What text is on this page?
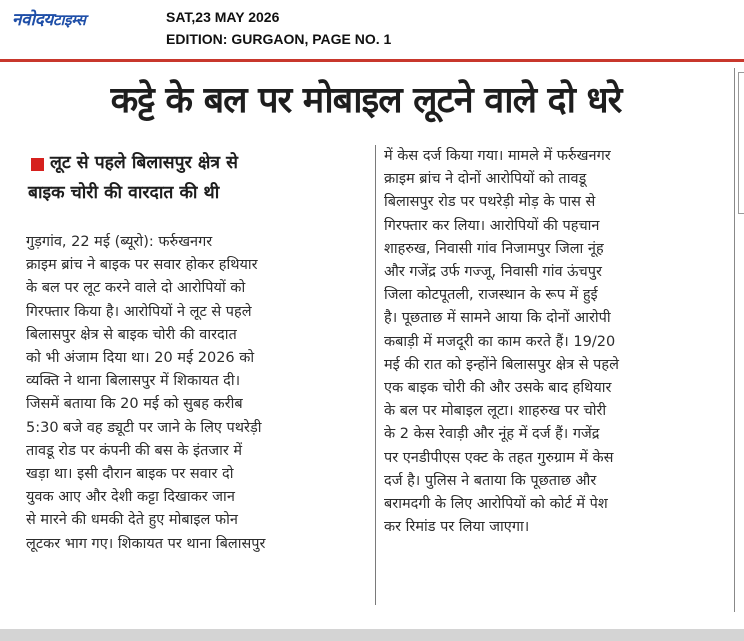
नवोदयटाइम्स	SAT,23 MAY 2026
EDITION: GURGAON, PAGE NO. 1
कट्टे के बल पर मोबाइल लूटने वाले दो धरे
लूट से पहले बिलासपुर क्षेत्र से
बाइक चोरी की वारदात की थी

गुड़गांव, 22 मई (ब्यूरो): फर्रुखनगर
क्राइम ब्रांच ने बाइक पर सवार होकर हथियार
के बल पर लूट करने वाले दो आरोपियों को
गिरफ्तार किया है। आरोपियों ने लूट से पहले
बिलासपुर क्षेत्र से बाइक चोरी की वारदात
को भी अंजाम दिया था। 20 मई 2026 को
व्यक्ति ने थाना बिलासपुर में शिकायत दी।

जिसमें बताया कि 20 मई को सुबह करीब
5:30 बजे वह ड्यूटी पर जाने के लिए पथरेड़ी
तावडू रोड पर कंपनी की बस के इंतजार में
खड़ा था। इसी दौरान बाइक पर सवार दो
युवक आए और देशी कट्टा दिखाकर जान
से मारने की धमकी देते हुए मोबाइल फोन
लूटकर भाग गए। शिकायत पर थाना बिलासपुर

में केस दर्ज किया गया। मामले में फर्रुखनगर
क्राइम ब्रांच ने दोनों आरोपियों को तावडू
बिलासपुर रोड पर पथरेड़ी मोड़ के पास से
गिरफ्तार कर लिया। आरोपियों की पहचान
शाहरुख, निवासी गांव निजामपुर जिला नूंह
और गजेंद्र उर्फ गज्जू, निवासी गांव ऊंचपुर
जिला कोटपूतली, राजस्थान के रूप में हुई
है। पूछताछ में सामने आया कि दोनों आरोपी
कबाड़ी में मजदूरी का काम करते हैं। 19/20
मई की रात को इन्होंने बिलासपुर क्षेत्र से पहले
एक बाइक चोरी की और उसके बाद हथियार
के बल पर मोबाइल लूटा। शाहरुख पर चोरी
के 2 केस रेवाड़ी और नूंह में दर्ज हैं। गजेंद्र
पर एनडीपीएस एक्ट के तहत गुरुग्राम में केस
दर्ज है। पुलिस ने बताया कि पूछताछ और
बरामदगी के लिए आरोपियों को कोर्ट में पेश
कर रिमांड पर लिया जाएगा।
